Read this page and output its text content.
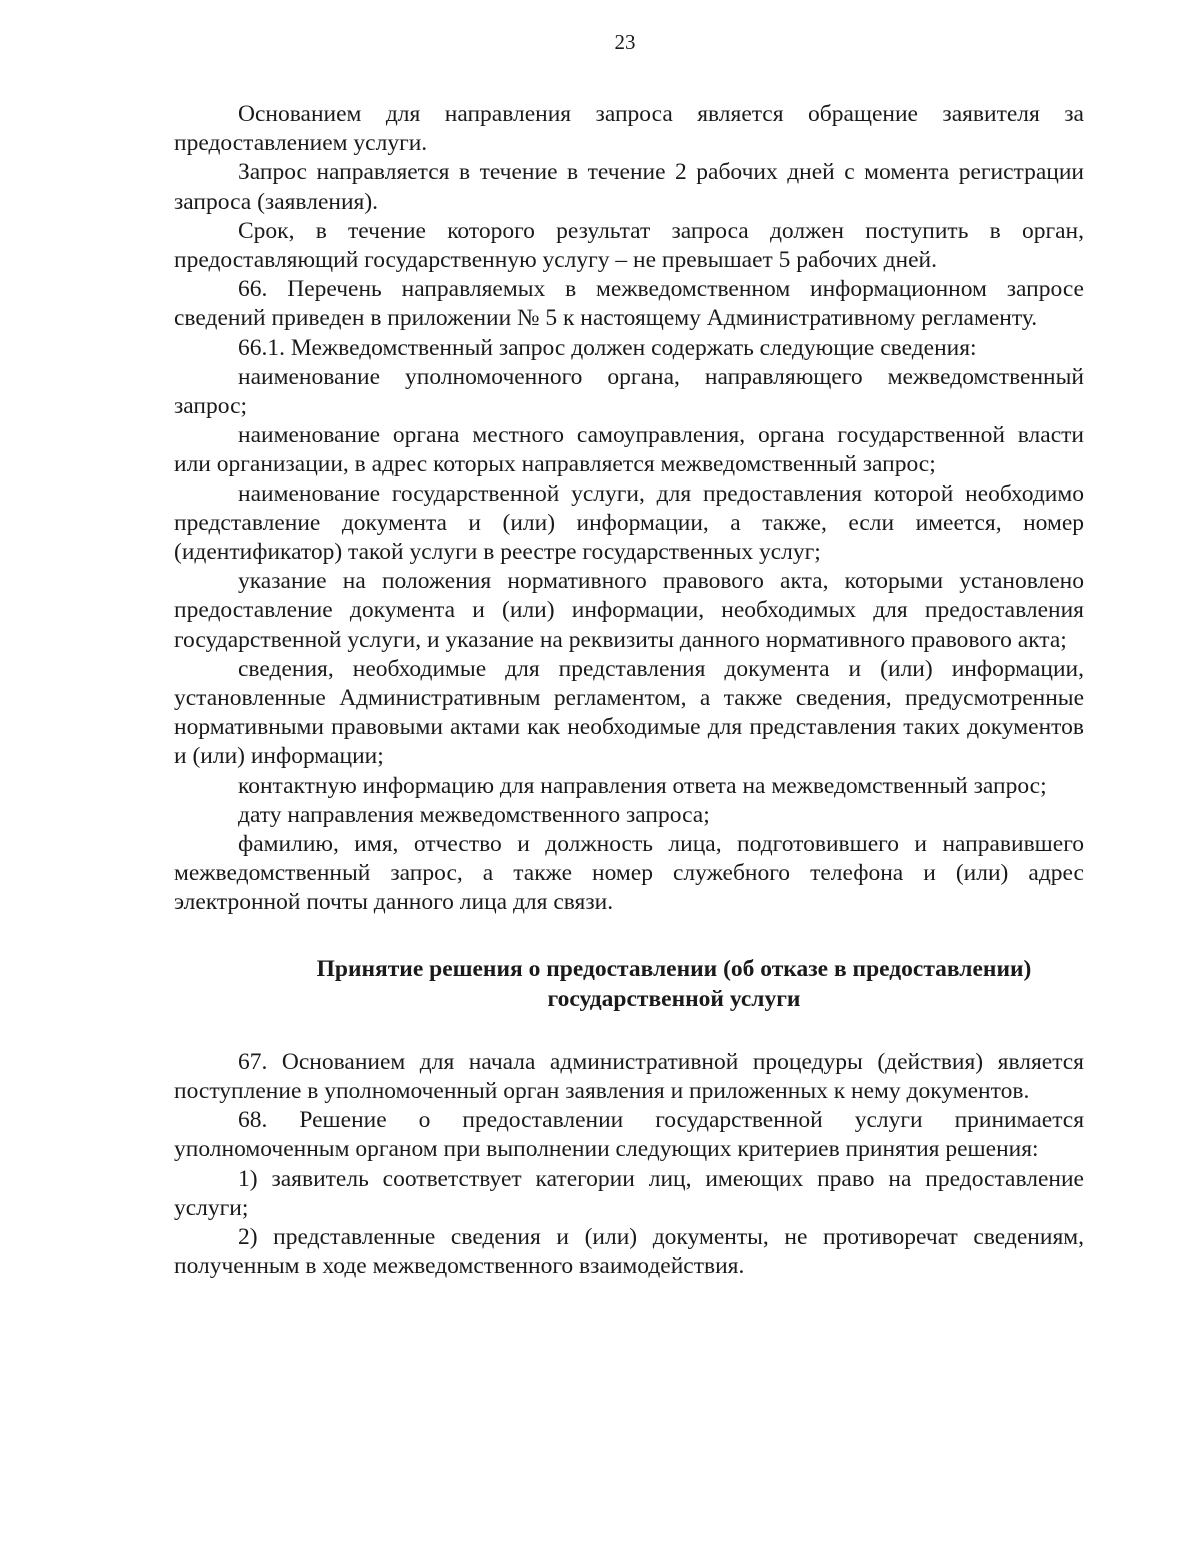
23

Основанием для направления запроса является обращение заявителя за предоставлением услуги.

Запрос направляется в течение в течение 2 рабочих дней с момента регистрации запроса (заявления).

Срок, в течение которого результат запроса должен поступить в орган, предоставляющий государственную услугу – не превышает 5 рабочих дней.

66. Перечень направляемых в межведомственном информационном запросе сведений приведен в приложении № 5 к настоящему Административному регламенту.

66.1. Межведомственный запрос должен содержать следующие сведения:

наименование уполномоченного органа, направляющего межведомственный запрос;

наименование органа местного самоуправления, органа государственной власти или организации, в адрес которых направляется межведомственный запрос;

наименование государственной услуги, для предоставления которой необходимо представление документа и (или) информации, а также, если имеется, номер (идентификатор) такой услуги в реестре государственных услуг;

указание на положения нормативного правового акта, которыми установлено предоставление документа и (или) информации, необходимых для предоставления государственной услуги, и указание на реквизиты данного нормативного правового акта;

сведения, необходимые для представления документа и (или) информации, установленные Административным регламентом, а также сведения, предусмотренные нормативными правовыми актами как необходимые для представления таких документов и (или) информации;

контактную информацию для направления ответа на межведомственный запрос;

дату направления межведомственного запроса;

фамилию, имя, отчество и должность лица, подготовившего и направившего межведомственный запрос, а также номер служебного телефона и (или) адрес электронной почты данного лица для связи.

Принятие решения о предоставлении (об отказе в предоставлении)
государственной услуги

67. Основанием для начала административной процедуры (действия) является поступление в уполномоченный орган заявления и приложенных к нему документов.

68. Решение о предоставлении государственной услуги принимается уполномоченным органом при выполнении следующих критериев принятия решения:

1) заявитель соответствует категории лиц, имеющих право на предоставление услуги;

2) представленные сведения и (или) документы, не противоречат сведениям, полученным в ходе межведомственного взаимодействия.
